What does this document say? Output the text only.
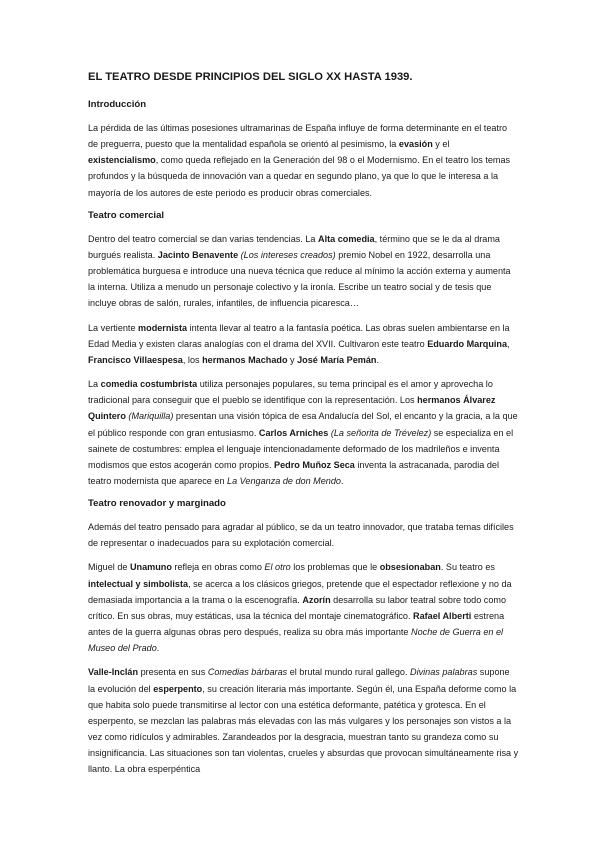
EL TEATRO DESDE PRINCIPIOS DEL SIGLO XX HASTA 1939.
Introducción

La pérdida de las últimas posesiones ultramarinas de España influye de forma determinante en el teatro de preguerra, puesto que la mentalidad española se orientó al pesimismo, la evasión y el existencialismo, como queda reflejado en la Generación del 98 o el Modernismo. En el teatro los temas profundos y la búsqueda de innovación van a quedar en segundo plano, ya que lo que le interesa a la mayoría de los autores de este periodo es producir obras comerciales.

Teatro comercial

Dentro del teatro comercial se dan varias tendencias. La Alta comedia, término que se le da al drama burgués realista. Jacinto Benavente (Los intereses creados) premio Nobel en 1922, desarrolla una problemática burguesa e introduce una nueva técnica que reduce al mínimo la acción externa y aumenta la interna. Utiliza a menudo un personaje colectivo y la ironía. Escribe un teatro social y de tesis que incluye obras de salón, rurales, infantiles, de influencia picaresca…

La vertiente modernista intenta llevar al teatro a la fantasía poética. Las obras suelen ambientarse en la Edad Media y existen claras analogías con el drama del XVII. Cultivaron este teatro Eduardo Marquina, Francisco Villaespesa, los hermanos Machado y José María Pemán.

La comedia costumbrista utiliza personajes populares, su tema principal es el amor y aprovecha lo tradicional para conseguir que el pueblo se identifique con la representación. Los hermanos Álvarez Quintero (Mariquilla) presentan una visión tópica de esa Andalucía del Sol, el encanto y la gracia, a la que el público responde con gran entusiasmo. Carlos Arniches (La señorita de Trévelez) se especializa en el sainete de costumbres: emplea el lenguaje intencionadamente deformado de los madrileños e inventa modismos que estos acogerán como propios. Pedro Muñoz Seca inventa la astracanada, parodia del teatro modernista que aparece en La Venganza de don Mendo.

Teatro renovador y marginado

Además del teatro pensado para agradar al público, se da un teatro innovador, que trataba temas difíciles de representar o inadecuados para su explotación comercial.

Miguel de Unamuno refleja en obras como El otro los problemas que le obsesionaban. Su teatro es intelectual y simbolista, se acerca a los clásicos griegos, pretende que el espectador reflexione y no da demasiada importancia a la trama o la escenografía. Azorín desarrolla su labor teatral sobre todo como crítico. En sus obras, muy estáticas, usa la técnica del montaje cinematográfico. Rafael Alberti estrena antes de la guerra algunas obras pero después, realiza su obra más importante Noche de Guerra en el Museo del Prado.

Valle-Inclán presenta en sus Comedias bárbaras el brutal mundo rural gallego. Divinas palabras supone la evolución del esperpento, su creación literaria más importante. Según él, una España deforme como la que habita solo puede transmitirse al lector con una estética deformante, patética y grotesca. En el esperpento, se mezclan las palabras más elevadas con las más vulgares y los personajes son vistos a la vez como ridículos y admirables. Zarandeados por la desgracia, muestran tanto su grandeza como su insignificancia. Las situaciones son tan violentas, crueles y absurdas que provocan simultáneamente risa y llanto. La obra esperpéntica
